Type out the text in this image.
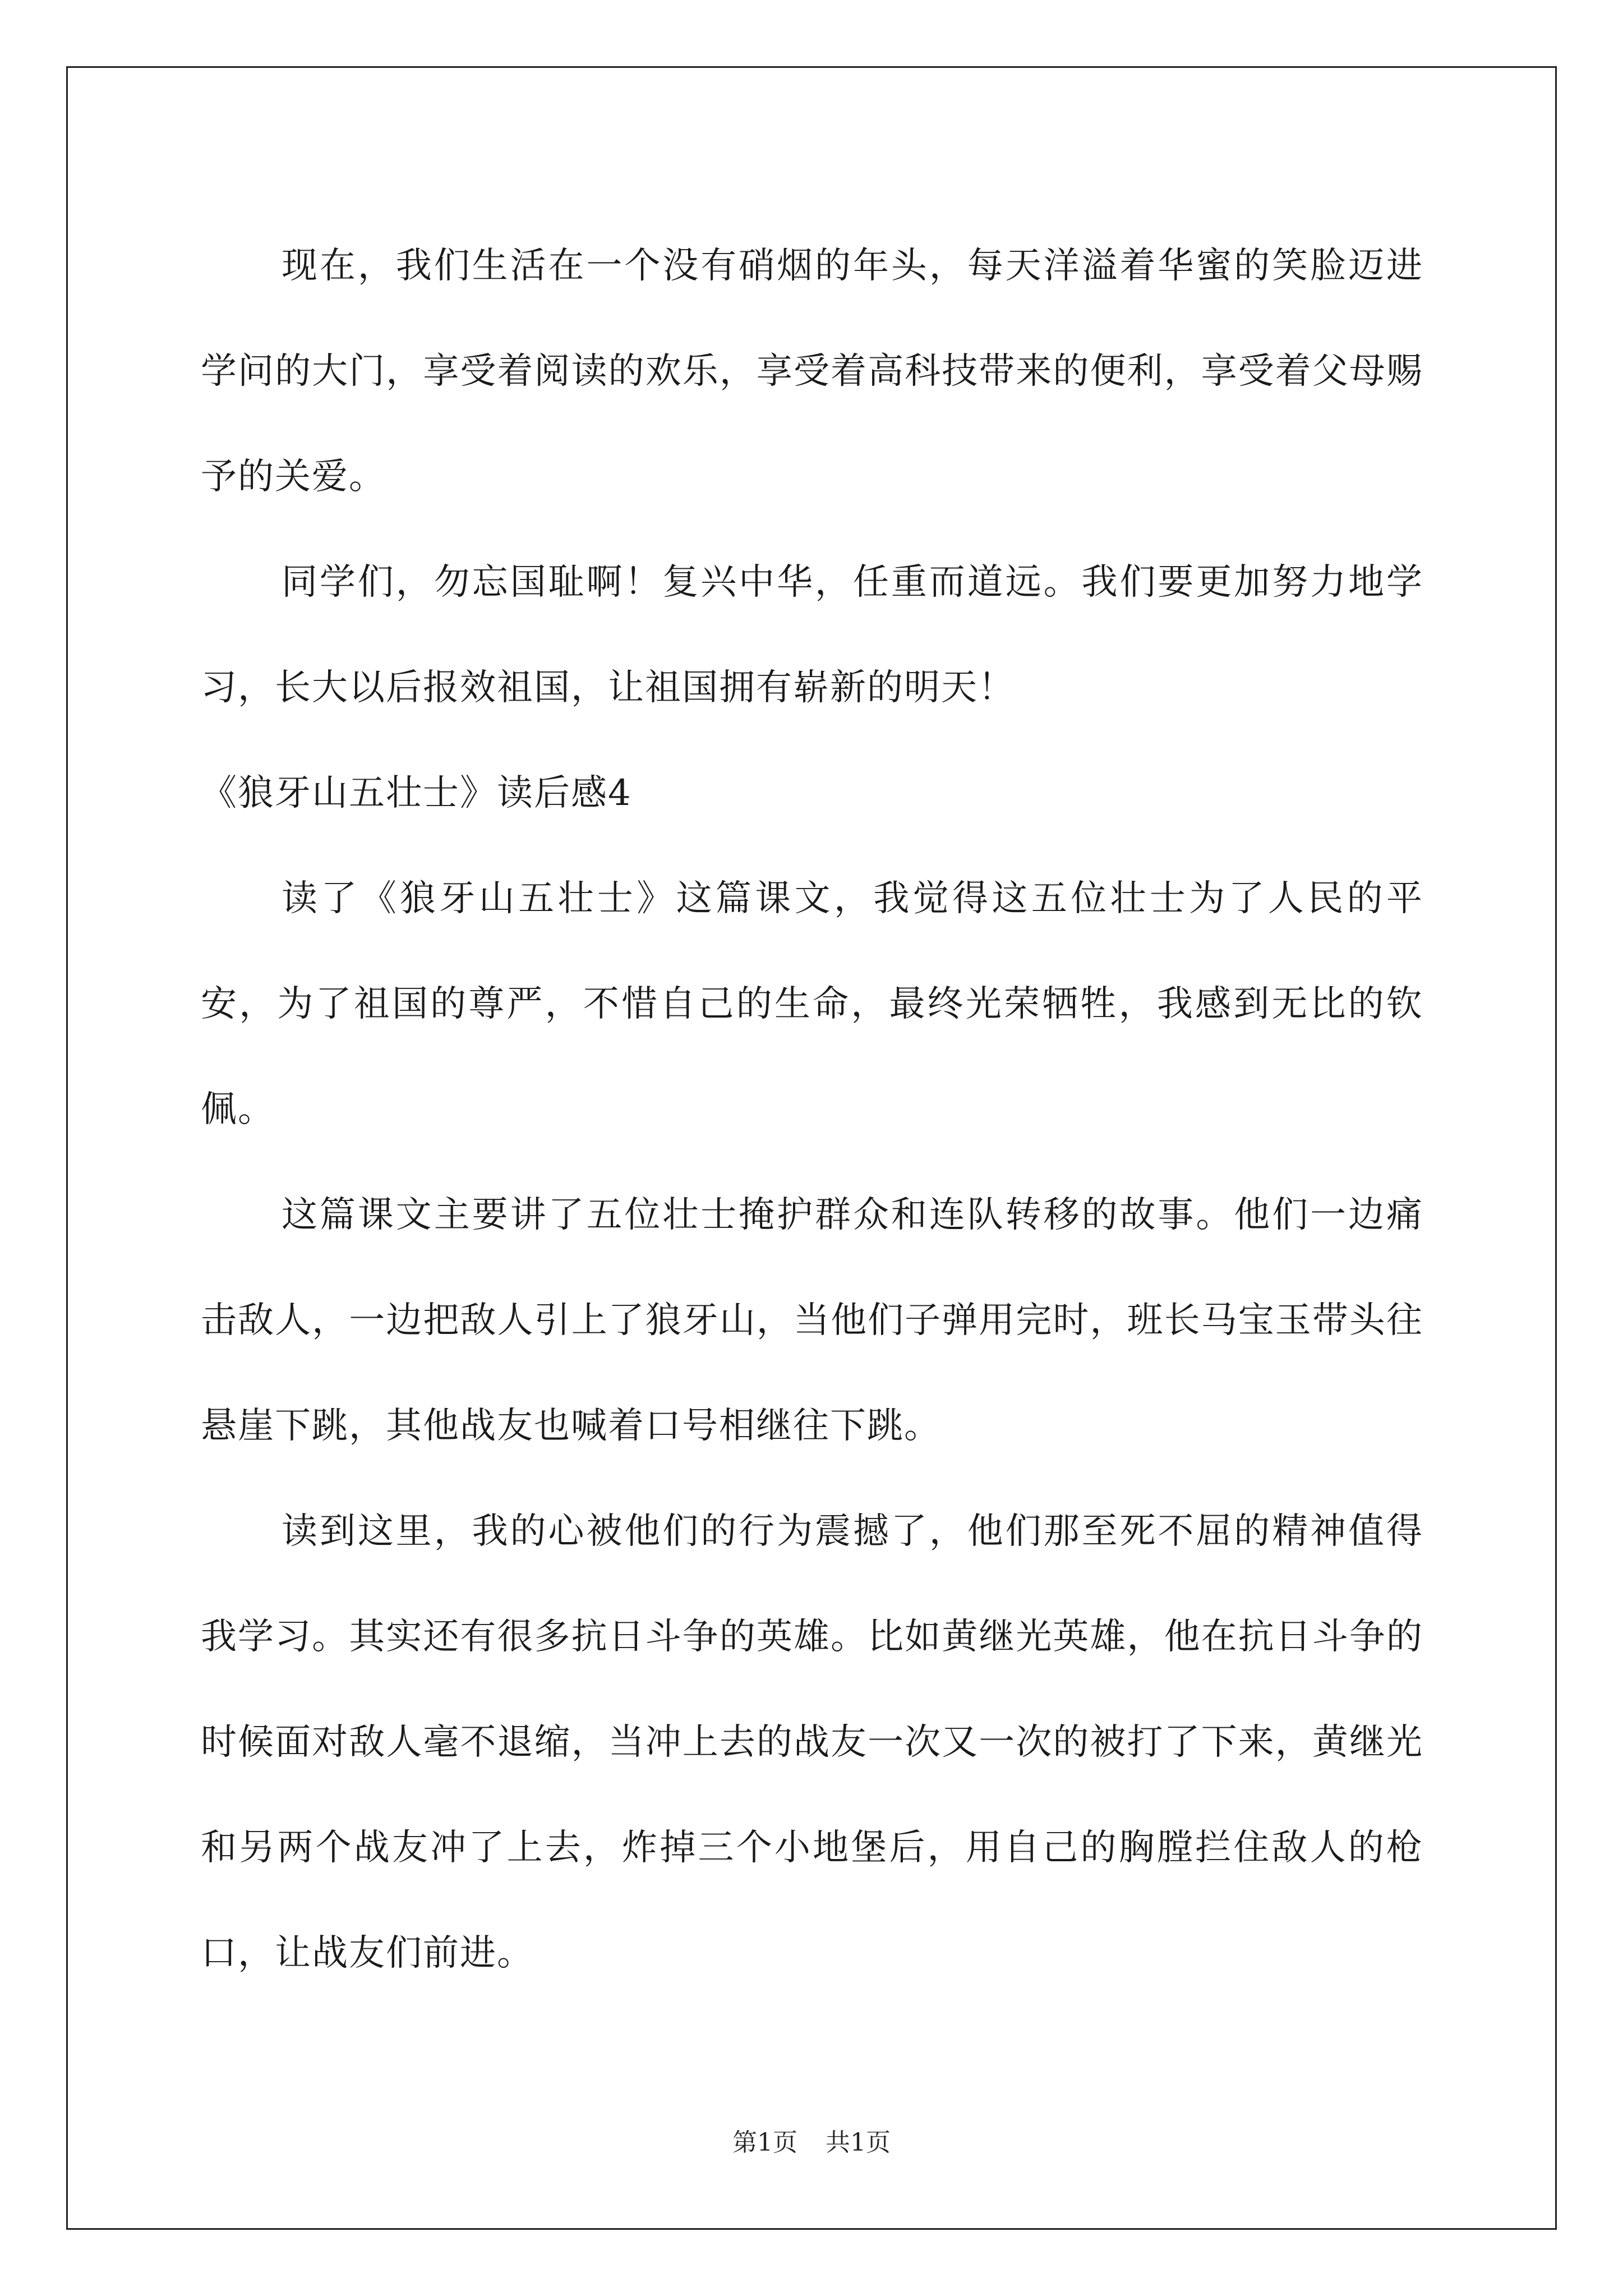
现在，我们生活在一个没有硝烟的年头，每天洋溢着华蜜的笑脸迈进学问的大门，享受着阅读的欢乐，享受着高科技带来的便利，享受着父母赐予的关爱。

同学们，勿忘国耻啊！复兴中华，任重而道远。我们要更加努力地学习，长大以后报效祖国，让祖国拥有崭新的明天！

《狼牙山五壮士》读后感4

读了《狼牙山五壮士》这篇课文，我觉得这五位壮士为了人民的平安，为了祖国的尊严，不惜自己的生命，最终光荣牺牲，我感到无比的钦佩。

这篇课文主要讲了五位壮士掩护群众和连队转移的故事。他们一边痛击敌人，一边把敌人引上了狼牙山，当他们子弹用完时，班长马宝玉带头往悬崖下跳，其他战友也喊着口号相继往下跳。

读到这里，我的心被他们的行为震撼了，他们那至死不屈的精神值得我学习。其实还有很多抗日斗争的英雄。比如黄继光英雄，他在抗日斗争的时候面对敌人毫不退缩，当冲上去的战友一次又一次的被打了下来，黄继光和另两个战友冲了上去，炸掉三个小地堡后，用自己的胸膛拦住敌人的枪口，让战友们前进。

第1页 共1页
